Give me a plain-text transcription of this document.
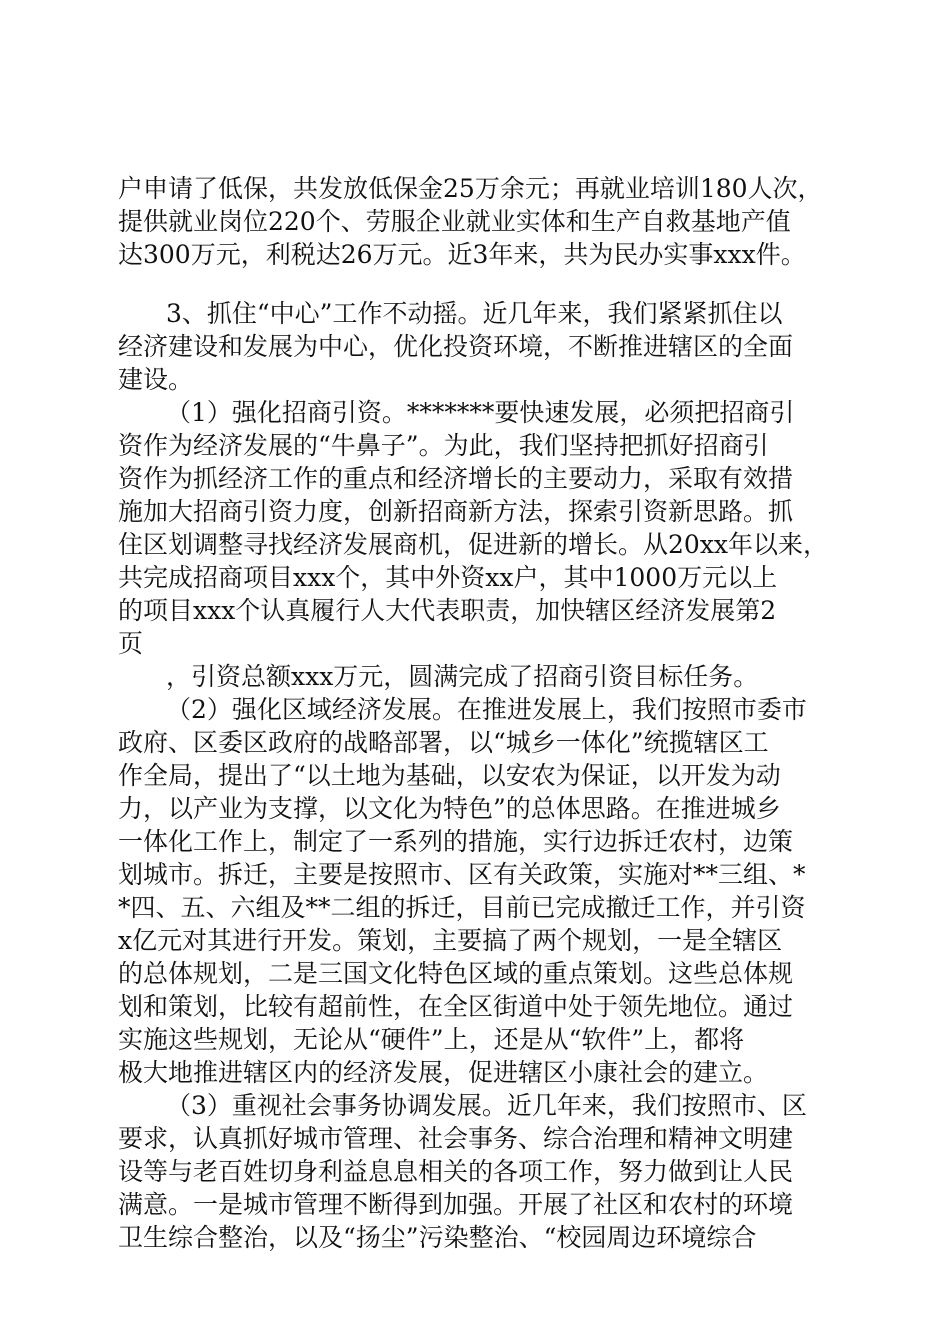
户申请了低保，共发放低保金25万余元；再就业培训180人次，
提供就业岗位220个、劳服企业就业实体和生产自救基地产值
达300万元，利税达26万元。近3年来，共为民办实事xxx件。
3、抓住“中心”工作不动摇。近几年来，我们紧紧抓住以
经济建设和发展为中心，优化投资环境，不断推进辖区的全面
建设。
（1）强化招商引资。*******要快速发展，必须把招商引
资作为经济发展的“牛鼻子”。为此，我们坚持把抓好招商引
资作为抓经济工作的重点和经济增长的主要动力，采取有效措
施加大招商引资力度，创新招商新方法，探索引资新思路。抓
住区划调整寻找经济发展商机，促进新的增长。从20xx年以来，
共完成招商项目xxx个，其中外资xx户，其中1000万元以上
的项目xxx个认真履行人大代表职责，加快辖区经济发展第2
页
，引资总额xxx万元，圆满完成了招商引资目标任务。
（2）强化区域经济发展。在推进发展上，我们按照市委市
政府、区委区政府的战略部署，以“城乡一体化”统揽辖区工
作全局，提出了“以土地为基础，以安农为保证，以开发为动
力，以产业为支撑，以文化为特色”的总体思路。在推进城乡
一体化工作上，制定了一系列的措施，实行边拆迁农村，边策
划城市。拆迁，主要是按照市、区有关政策，实施对**三组、*
*四、五、六组及**二组的拆迁，目前已完成撤迁工作，并引资
x亿元对其进行开发。策划，主要搞了两个规划，一是全辖区
的总体规划，二是三国文化特色区域的重点策划。这些总体规
划和策划，比较有超前性，在全区街道中处于领先地位。通过
实施这些规划，无论从“硬件”上，还是从“软件”上，都将
极大地推进辖区内的经济发展，促进辖区小康社会的建立。
（3）重视社会事务协调发展。近几年来，我们按照市、区
要求，认真抓好城市管理、社会事务、综合治理和精神文明建
设等与老百姓切身利益息息相关的各项工作，努力做到让人民
满意。一是城市管理不断得到加强。开展了社区和农村的环境
卫生综合整治，以及“扬尘”污染整治、“校园周边环境综合
